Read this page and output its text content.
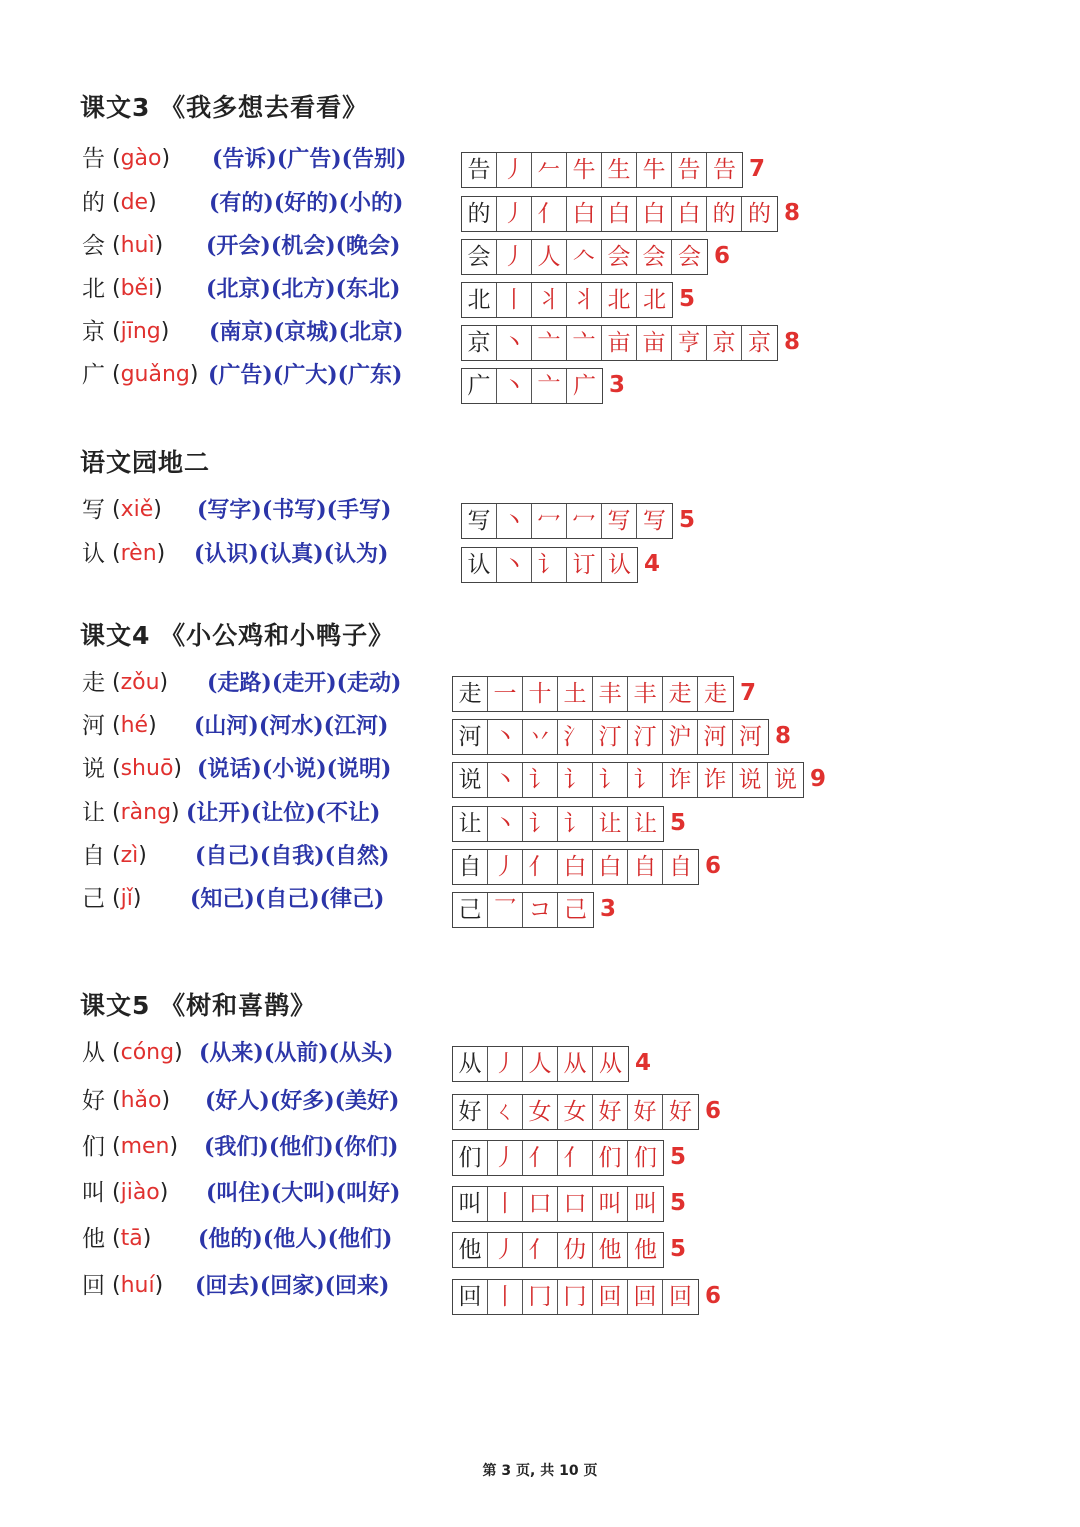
课文3 《我多想去看看》
语文园地二
课文4 《小公鸡和小鸭子》
课文5 《树和喜鹊》
告 (gào) (告诉)(广告)(告别)	告 丿 𠂉 牛 生 牛 告 告 7
的 (de) (有的)(好的)(小的)	的 丿 亻 白 白 白 白 的 的 8
会 (huì) (开会)(机会)(晚会)	会 丿 人 𠆢 会 会 会 6
北 (běi) (北京)(北方)(东北)	北 丨 丬 丬 北 北 5
京 (jīng) (南京)(京城)(北京)	京 丶 亠 亠 亩 亩 亨 京 京 8
广 (guǎng) (广告)(广大)(广东)	广 丶 亠 广 3
写 (xiě) (写字)(书写)(手写)	写 丶 冖 冖 写 写 5
认 (rèn) (认识)(认真)(认为)	认 丶 讠 订 认 4
走 (zǒu) (走路)(走开)(走动) 走 一 十 土 丰 丰 走 走 7
河 (hé) (山河)(河水)(江河)	河 丶 丷 氵 汀 汀 沪 河 河 8
说 (shuō) (说话)(小说)(说明)	说 丶 讠 讠 讠 讠 诈 诈 说 说 9
让 (ràng) (让开)(让位)(不让)	让 丶 讠 讠 让 让 5
自 (zì) (自己)(自我)(自然)	自 丿 亻 白 白 自 自 6
己 (jǐ) (知己)(自己)(律己)	己 乛 コ 己 3
从 (cóng) (从来)(从前)(从头)	从 丿 人 从 从 4
好 (hǎo) (好人)(好多)(美好)	好 ㄑ 女 女 好 好 好 6
们 (men) (我们)(他们)(你们)	们 丿 亻 亻 们 们 5
叫 (jiào) (叫住)(大叫)(叫好)	叫 丨 口 口 叫 叫 5
他 (tā) (他的)(他人)(他们)	他 丿 亻 仂 他 他 5
回 (huí) (回去)(回家)(回来)	回 丨 冂 冂 回 回 回 6
第 3 页, 共 10 页
